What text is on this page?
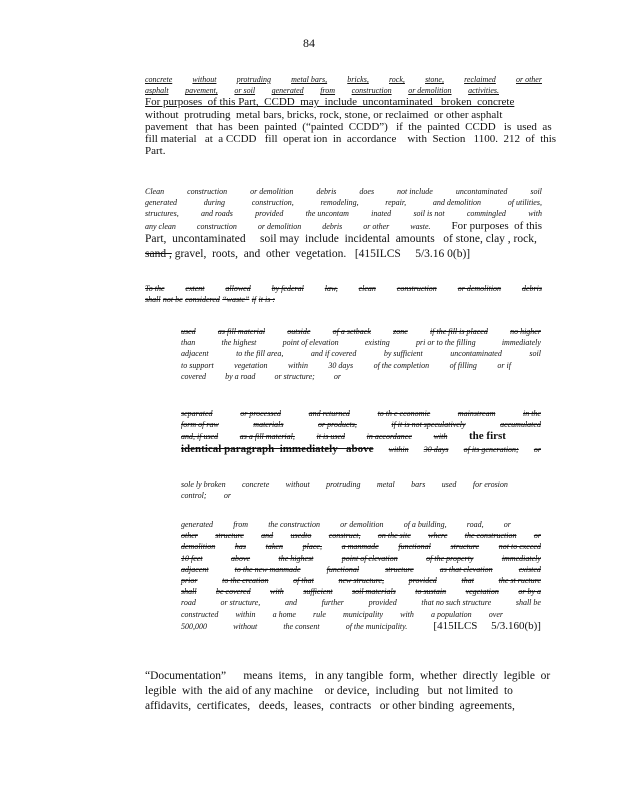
84
concrete	without	protruding	metal bars,	bricks,	rock,	stone,	reclaimed	or other
asphalt pavement, or soil generated from construction or demolition activities.
For purposes  of this Part,  CCDD  may  include  uncontaminated   broken  concrete
without  protruding  metal bars, bricks, rock, stone, or reclaimed  or other asphalt
pavement   that  has  been  painted  (“painted  CCDD”)   if  the  painted  CCDD   is  used  as
fill material   at  a CCDD   fill  operat ion  in  accordance    with  Section   1100.  212  of  this
Part.
Clean	construction	or demolition	debris	does	not include	uncontaminated	soil
generated	during	construction,	remodeling,	repair,	and demolition	of utilities,
structures,	and roads	provided	the uncontam	inated	soil is not	commingled	with
any clean	construction	or demolition	debris	or other	waste. For purposes  of this
Part,  uncontaminated     soil may  include  incidental  amounts   of stone, clay , rock,
sand , gravel,  roots,  and  other  vegetation.   [415ILCS     5/3.16 0(b)]
To the	extent	allowed	by federal	law,	clean	construction	or demolition	debris
shall not be considered “waste” if it is :
used	as fill material	outside	of a setback	zone	if the fill is placed	no higher
than	the highest	point of elevation	existing	pri or to the filling	immediately
adjacent	to the fill area,	and if covered	by sufficient	uncontaminated	soil
to support	vegetation	within	30 days	of the completion	of filling	or if
covered by a road or structure; or
separated	or processed	and returned	to th e economic	mainstream	in the
form of raw	materials	or products,	if it is not speculatively	accumulated
and, if used	as a fill material,	it is used	in accordance	with the first
identical paragraph  immediately   above within 30 days of its generation; or
sole ly broken concrete without protruding metal bars used for erosion
control; or
generated	from	the construction	or demolition	of a building,	road,	or
other structure and usedto construct, on the site where the construction or
demolition has taken place, a manmade functional structure not to exceed
10 feet	above	the highest	point of elevation	of the property	immediately
adjacent	to the new manmade	functional	structure	as that elevation	existed
prior	to the creation	of that	new structure,	provided	that	the st ructure
shall be covered with sufficient soil materials to sustain vegetation or by a
road	or structure,	and	further	provided	that no such structure	shall be
constructed within a home rule municipality with a population over
500,000	without	the consent	of the municipality. [415ILCS     5/3.160(b)]
“Documentation”      means  items,   in any tangible  form,  whether  directly  legible  or
legible  with  the aid of any machine    or device,  including   but  not limited  to
affidavits,  certificates,   deeds,  leases,  contracts   or other binding  agreements,
